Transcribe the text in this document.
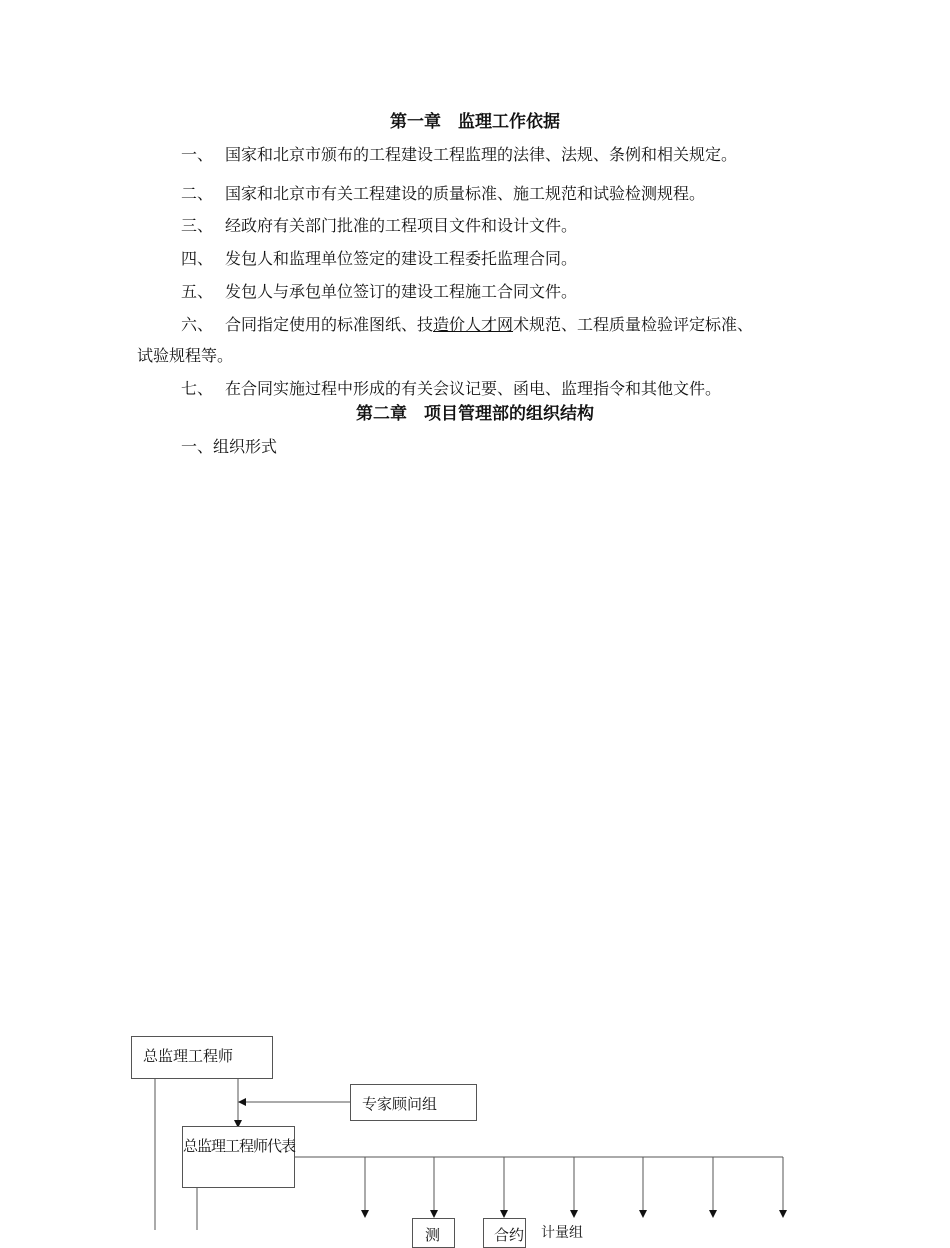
第一章　监理工作依据
一、 国家和北京市颁布的工程建设工程监理的法律、法规、条例和相关规定。
二、 国家和北京市有关工程建设的质量标准、施工规范和试验检测规程。
三、 经政府有关部门批准的工程项目文件和设计文件。
四、 发包人和监理单位签定的建设工程委托监理合同。
五、 发包人与承包单位签订的建设工程施工合同文件。
六、 合同指定使用的标准图纸、技造价人才网术规范、工程质量检验评定标准、
试验规程等。
七、 在合同实施过程中形成的有关会议记要、函电、监理指令和其他文件。
第二章　项目管理部的组织结构
一、组织形式
总监理工程师
专家顾问组
总监理工程师代表
测	合约 计量组
